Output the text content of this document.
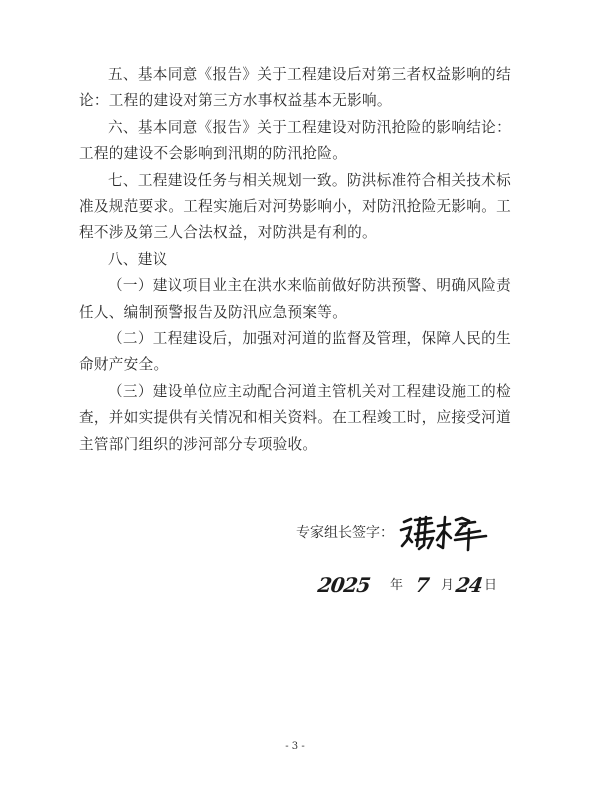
五、基本同意《报告》关于工程建设后对第三者权益影响的结论：工程的建设对第三方水事权益基本无影响。

六、基本同意《报告》关于工程建设对防汛抢险的影响结论：工程的建设不会影响到汛期的防汛抢险。

七、工程建设任务与相关规划一致。防洪标准符合相关技术标准及规范要求。工程实施后对河势影响小，对防汛抢险无影响。工程不涉及第三人合法权益，对防洪是有利的。

八、建议

（一）建议项目业主在洪水来临前做好防洪预警、明确风险责任人、编制预警报告及防汛应急预案等。

（二）工程建设后，加强对河道的监督及管理，保障人民的生命财产安全。

（三）建设单位应主动配合河道主管机关对工程建设施工的检查，并如实提供有关情况和相关资料。在工程竣工时，应接受河道主管部门组织的涉河部分专项验收。

专家组长签字：
2025	年 7 月 24 日
- 3 -
